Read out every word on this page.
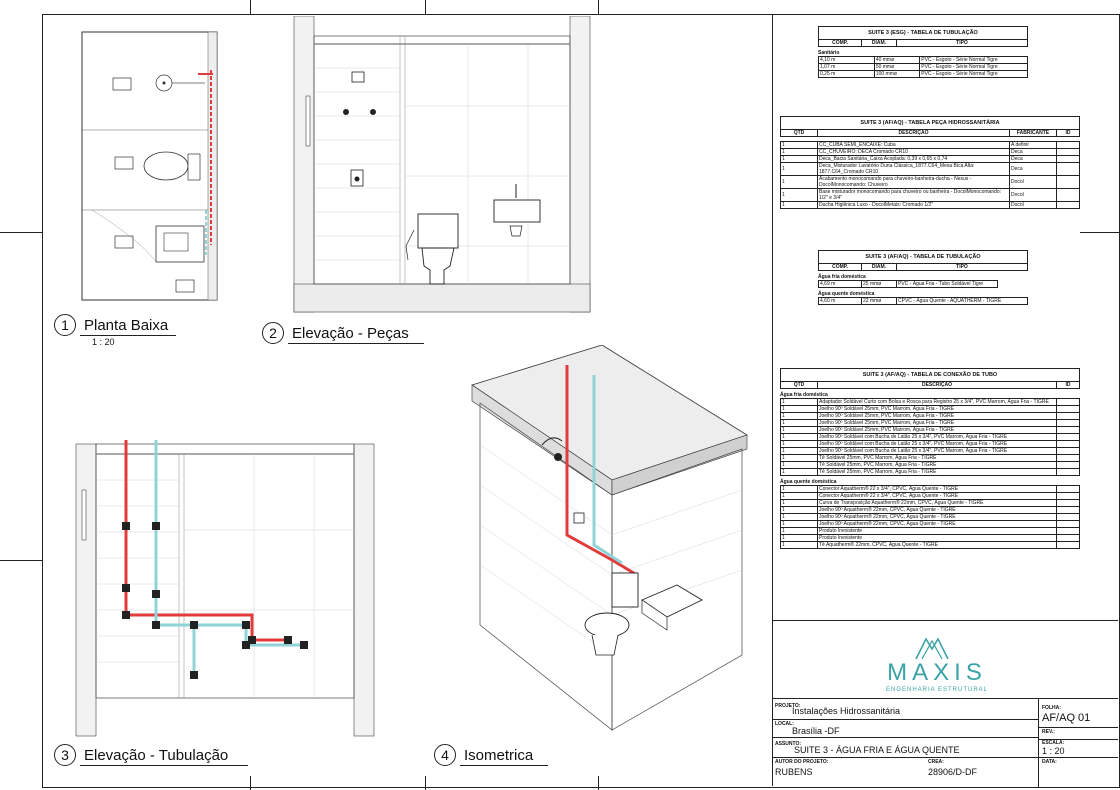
1	Planta Baixa
1 : 20
2	Elevação - Peças
3	Elevação - Tubulação	4	Isometrica
SUITE 3 (ESG) - TABELA DE TUBULAÇÃO
COMP.	DIÂM.	TIPO
Sanitário
4,10 m	40 mmø	PVC - Esgoto - Série Normal Tigre
1,07 m	50 mmø	PVC - Esgoto - Série Normal Tigre
0,25 m	100 mmø	PVC - Esgoto - Série Normal Tigre
SUITE 3 (AF/AQ) - TABELA PEÇA HIDROSSANITÁRIA
QTD	DESCRIÇÃO	FABRICANTE	ID
1	CC_CUBA SEMI_ENCAIXE: Cuba	A definir	
1	CC_CHUVEIRO: DECA Cromado CR10	Deca	
1	Deca_Bacia Sanitária_Caixa Acoplada: 0,39 x 0,65 x 0,74	Deca	
1	Deca_Misturador Lavatório Duna Clássica_1877.C64_Mesa Bica Alta: 1877.C64_Cromado CR10	Deca	
1	Acabamento monocomando para chuveiro-banheira-ducha - Nexus - DocolMonocomando: Chuveiro	Docol	
1	Base misturador monocomando para chuveiro ou banheira - DocolMonocomando: 1/2" e 3/4"	Docol	
1	Ducha Higiênica Luxo - DocolMetais: Cromado 1/2"	Docol	
SUITE 3 (AF/AQ) - TABELA DE TUBULAÇÃO
COMP.	DIÂM.	TIPO
Água fria doméstica
4,69 m	25 mmø	PVC - Água Fria - Tubo Soldável Tigre
Água quente doméstica
4,60 m	22 mmø	CPVC - Água Quente - AQUATHERM - TIGRE
SUITE 3 (AF/AQ) - TABELA DE CONEXÃO DE TUBO
QTD	DESCRIÇÃO	ID
Água fria doméstica
1	Adaptador Soldável Curto com Bolsa e Rosca para Registro 25 x 3/4", PVC Marrom, Água Fria - TIGRE	
1	Joelho 90º Soldável 25mm, PVC Marrom, Água Fria - TIGRE	
1	Joelho 90º Soldável 25mm, PVC Marrom, Água Fria - TIGRE	
1	Joelho 90º Soldável 25mm, PVC Marrom, Água Fria - TIGRE	
1	Joelho 90º Soldável 25mm, PVC Marrom, Água Fria - TIGRE	
1	Joelho 90º Soldável com Bucha de Latão 25 x 3/4", PVC Marrom, Água Fria - TIGRE	
1	Joelho 90º Soldável com Bucha de Latão 25 x 3/4", PVC Marrom, Água Fria - TIGRE	
1	Joelho 90º Soldável com Bucha de Latão 25 x 3/4", PVC Marrom, Água Fria - TIGRE	
1	Tê Soldável 25mm, PVC Marrom, Água Fria - TIGRE	
1	Tê Soldável 25mm, PVC Marrom, Água Fria - TIGRE	
1	Tê Soldável 25mm, PVC Marrom, Água Fria - TIGRE	
Água quente doméstica
1	Conector Aquatherm® 22 x 3/4", CPVC, Água Quente - TIGRE	
1	Conector Aquatherm® 22 x 3/4", CPVC, Água Quente - TIGRE	
1	Curva de Transposição Aquatherm® 22mm, CPVC, Água Quente - TIGRE	
1	Joelho 90º Aquatherm® 22mm, CPVC, Água Quente - TIGRE	
1	Joelho 90º Aquatherm® 22mm, CPVC, Água Quente - TIGRE	
1	Joelho 90º Aquatherm® 22mm, CPVC, Água Quente - TIGRE	
1	Produto Inexistente	
1	Produto Inexistente	
1	Tê Aquatherm® 22mm, CPVC, Água Quente - TIGRE	
MAXIS
ENGENHARIA ESTRUTURAL
PROJETO:
Instalações Hidrossanitária
LOCAL:
Brasília -DF
ASSUNTO:
SUITE 3 - ÁGUA FRIA E ÁGUA QUENTE
AUTOR DO PROJETO:
RUBENS
CREA:
28906/D-DF
FOLHA:
AF/AQ 01
REV.:
ESCALA:
1 : 20
DATA:
